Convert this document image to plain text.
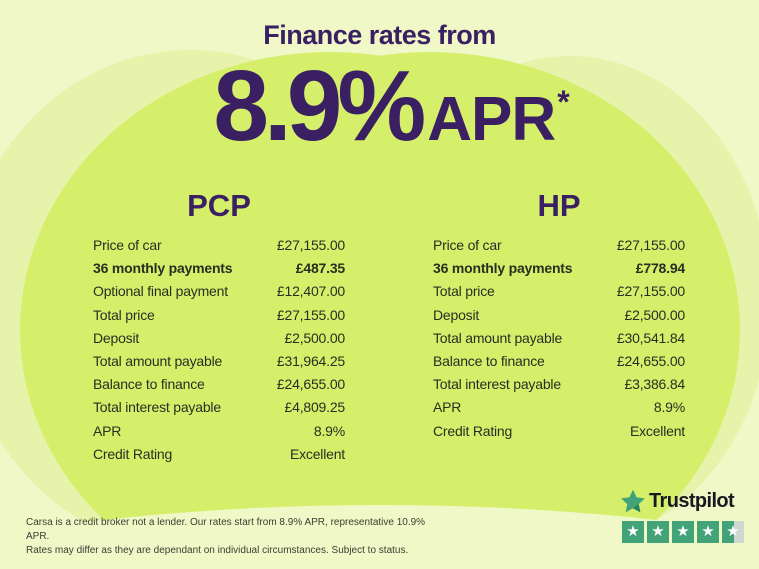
Finance rates from
8.9% APR *
PCP
Price of car	£27,155.00
36 monthly payments	£487.35
Optional final payment	£12,407.00
Total price	£27,155.00
Deposit	£2,500.00
Total amount payable	£31,964.25
Balance to finance	£24,655.00
Total interest payable	£4,809.25
APR	8.9%
Credit Rating	Excellent
HP
Price of car	£27,155.00
36 monthly payments	£778.94
Total price	£27,155.00
Deposit	£2,500.00
Total amount payable	£30,541.84
Balance to finance	£24,655.00
Total interest payable	£3,386.84
APR	8.9%
Credit Rating	Excellent
Carsa is a credit broker not a lender. Our rates start from 8.9% APR, representative 10.9% APR.
Rates may differ as they are dependant on individual circumstances. Subject to status.
Trustpilot
★ ★ ★ ★ ★
